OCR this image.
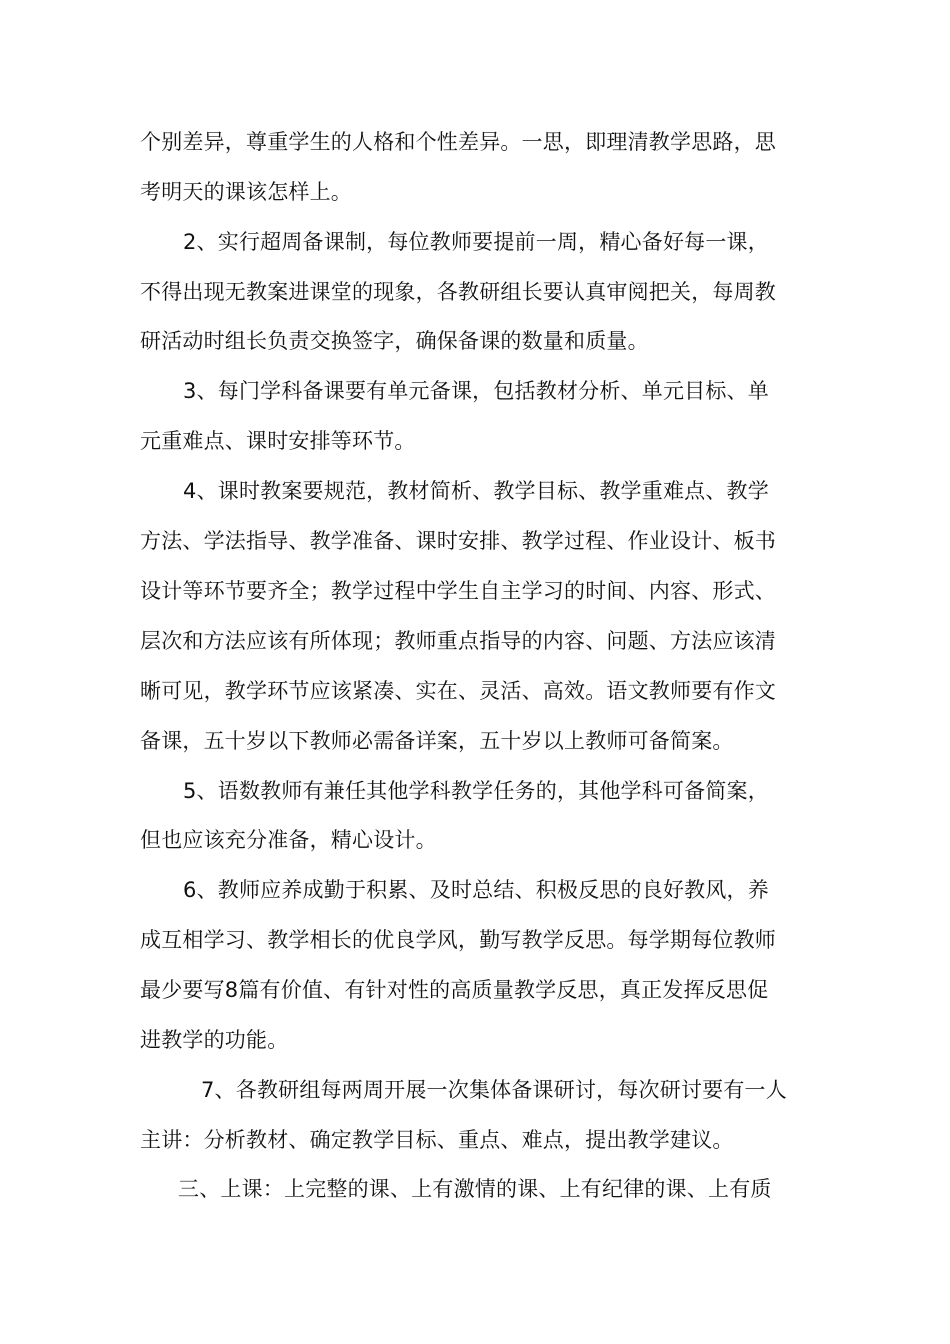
个别差异，尊重学生的人格和个性差异。一思，即理清教学思路，思
考明天的课该怎样上。
2、实行超周备课制，每位教师要提前一周，精心备好每一课，
不得出现无教案进课堂的现象，各教研组长要认真审阅把关，每周教
研活动时组长负责交换签字，确保备课的数量和质量。
3、每门学科备课要有单元备课，包括教材分析、单元目标、单
元重难点、课时安排等环节。
4、课时教案要规范，教材简析、教学目标、教学重难点、教学
方法、学法指导、教学准备、课时安排、教学过程、作业设计、板书
设计等环节要齐全；教学过程中学生自主学习的时间、内容、形式、
层次和方法应该有所体现；教师重点指导的内容、问题、方法应该清
晰可见，教学环节应该紧凑、实在、灵活、高效。语文教师要有作文
备课，五十岁以下教师必需备详案，五十岁以上教师可备简案。
5、语数教师有兼任其他学科教学任务的，其他学科可备简案，
但也应该充分准备，精心设计。
6、教师应养成勤于积累、及时总结、积极反思的良好教风，养
成互相学习、教学相长的优良学风，勤写教学反思。每学期每位教师
最少要写8篇有价值、有针对性的高质量教学反思，真正发挥反思促
进教学的功能。
7、各教研组每两周开展一次集体备课研讨，每次研讨要有一人
主讲：分析教材、确定教学目标、重点、难点，提出教学建议。
三、上课：上完整的课、上有激情的课、上有纪律的课、上有质
